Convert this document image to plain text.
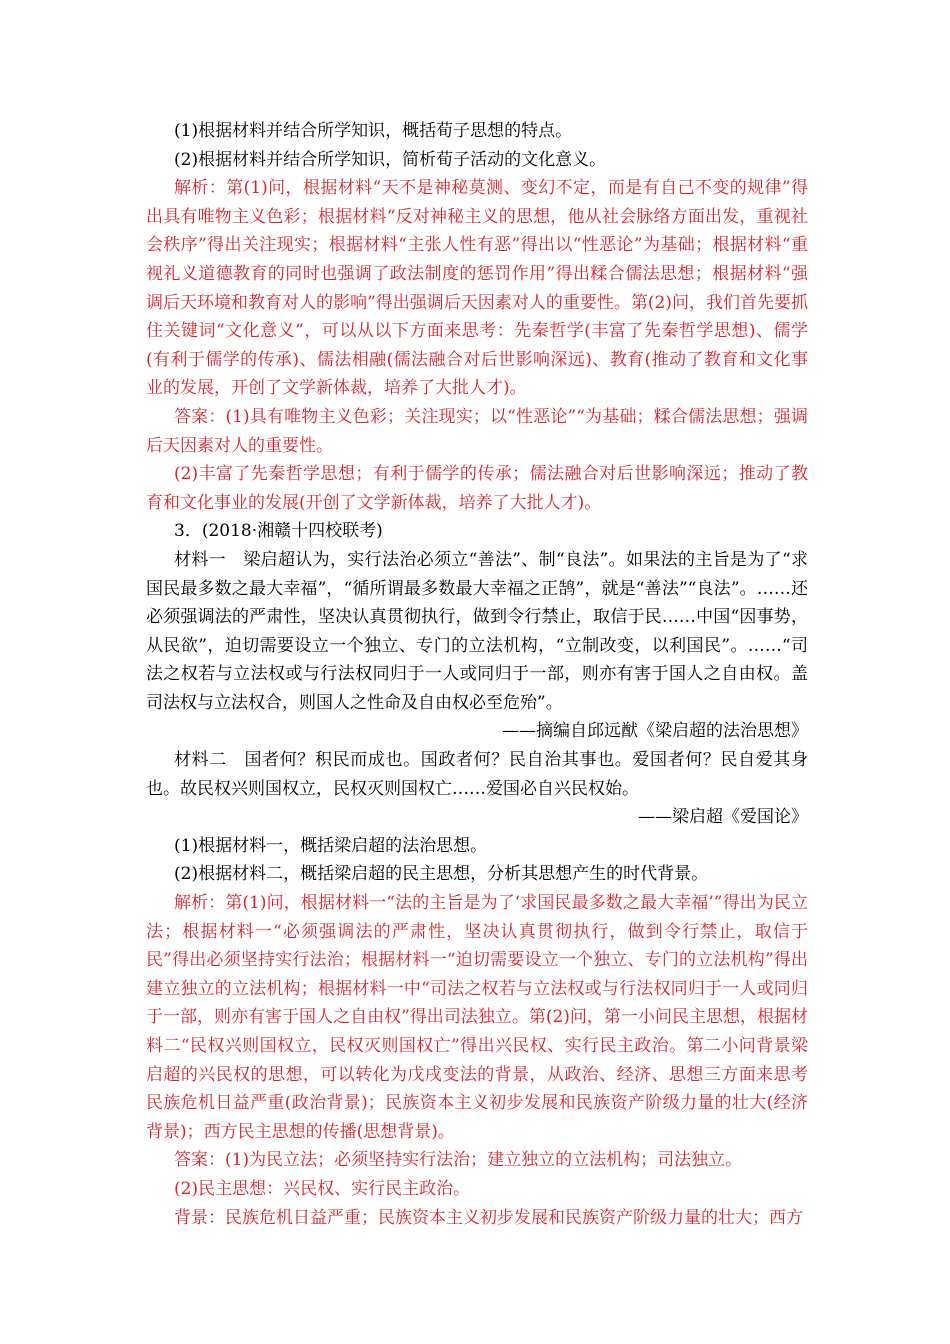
(1)根据材料并结合所学知识，概括荀子思想的特点。

(2)根据材料并结合所学知识，简析荀子活动的文化意义。

解析：第(1)问，根据材料“天不是神秘莫测、变幻不定，而是有自己不变的规律”得出具有唯物主义色彩；根据材料“反对神秘主义的思想，他从社会脉络方面出发，重视社会秩序”得出关注现实；根据材料“主张人性有恶”得出以“性恶论”为基础；根据材料“重视礼义道德教育的同时也强调了政法制度的惩罚作用”得出糅合儒法思想；根据材料“强调后天环境和教育对人的影响”得出强调后天因素对人的重要性。第(2)问，我们首先要抓住关键词“文化意义”，可以从以下方面来思考：先秦哲学(丰富了先秦哲学思想)、儒学(有利于儒学的传承)、儒法相融(儒法融合对后世影响深远)、教育(推动了教育和文化事业的发展，开创了文学新体裁，培养了大批人才)。

答案：(1)具有唯物主义色彩；关注现实；以“性恶论”“为基础；糅合儒法思想；强调后天因素对人的重要性。

(2)丰富了先秦哲学思想；有利于儒学的传承；儒法融合对后世影响深远；推动了教育和文化事业的发展(开创了文学新体裁，培养了大批人才)。

3．(2018·湘赣十四校联考)

材料一　梁启超认为，实行法治必须立“善法”、制“良法”。如果法的主旨是为了“求国民最多数之最大幸福”，“循所谓最多数最大幸福之正鹄”，就是“善法”“良法”。……还必须强调法的严肃性，坚决认真贯彻执行，做到令行禁止，取信于民……中国“因事势，从民欲”，迫切需要设立一个独立、专门的立法机构，“立制改变，以利国民”。……“司法之权若与立法权或与行法权同归于一人或同归于一部，则亦有害于国人之自由权。盖司法权与立法权合，则国人之性命及自由权必至危殆”。

——摘编自邱远猷《梁启超的法治思想》

材料二　国者何？积民而成也。国政者何？民自治其事也。爱国者何？民自爱其身也。故民权兴则国权立，民权灭则国权亡……爱国必自兴民权始。

——梁启超《爱国论》

(1)根据材料一，概括梁启超的法治思想。

(2)根据材料二，概括梁启超的民主思想，分析其思想产生的时代背景。

解析：第(1)问，根据材料一“法的主旨是为了‘求国民最多数之最大幸福’”得出为民立法；根据材料一“必须强调法的严肃性，坚决认真贯彻执行，做到令行禁止，取信于民”得出必须坚持实行法治；根据材料一“迫切需要设立一个独立、专门的立法机构”得出建立独立的立法机构；根据材料一中“司法之权若与立法权或与行法权同归于一人或同归于一部，则亦有害于国人之自由权”得出司法独立。第(2)问，第一小问民主思想，根据材料二“民权兴则国权立，民权灭则国权亡”得出兴民权、实行民主政治。第二小问背景梁启超的兴民权的思想，可以转化为戊戌变法的背景，从政治、经济、思想三方面来思考民族危机日益严重(政治背景)；民族资本主义初步发展和民族资产阶级力量的壮大(经济背景)；西方民主思想的传播(思想背景)。

答案：(1)为民立法；必须坚持实行法治；建立独立的立法机构；司法独立。

(2)民主思想：兴民权、实行民主政治。

背景：民族危机日益严重；民族资本主义初步发展和民族资产阶级力量的壮大；西方
